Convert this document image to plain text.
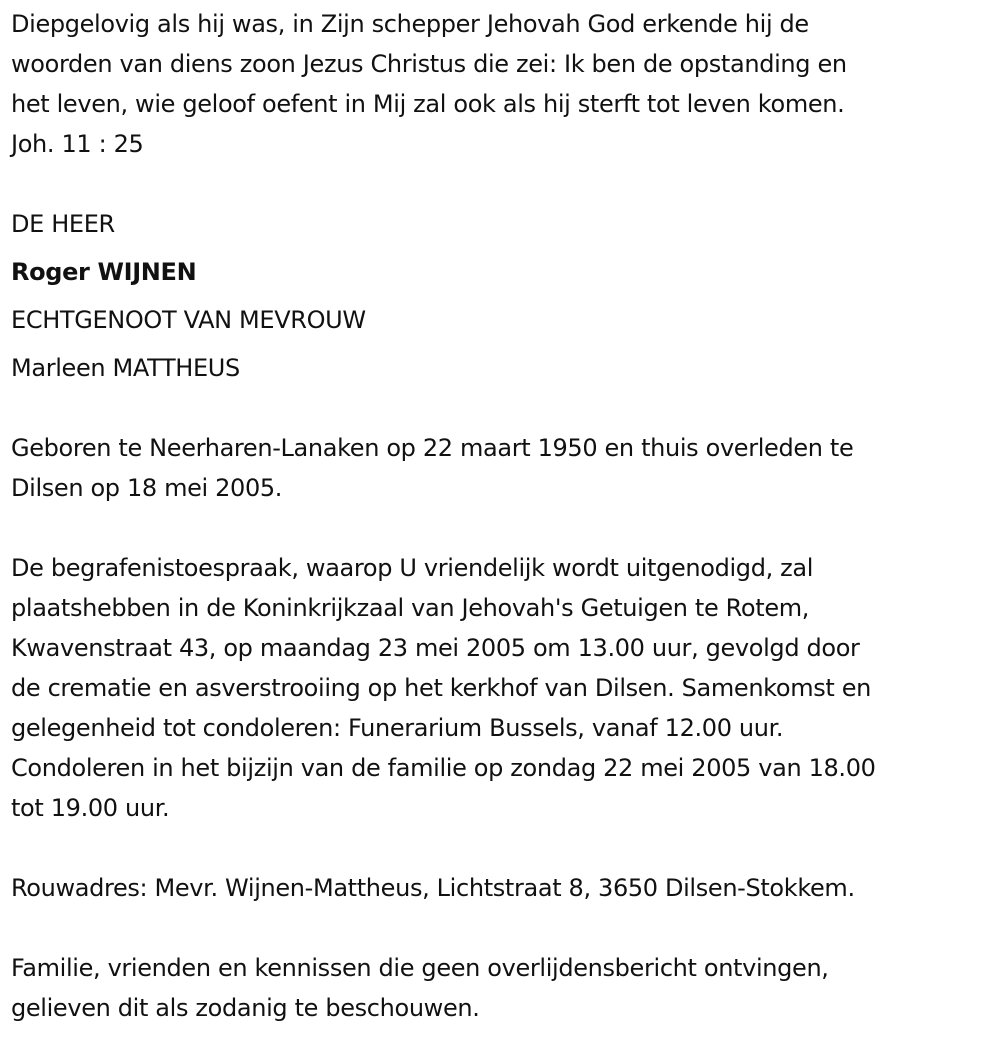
Diepgelovig als hij was, in Zijn schepper Jehovah God erkende hij de
woorden van diens zoon Jezus Christus die zei: Ik ben de opstanding en
het leven, wie geloof oefent in Mij zal ook als hij sterft tot leven komen.
Joh. 11 : 25

DE HEER
Roger WIJNEN
ECHTGENOOT VAN MEVROUW
Marleen MATTHEUS

Geboren te Neerharen-Lanaken op 22 maart 1950 en thuis overleden te
Dilsen op 18 mei 2005.

De begrafenistoespraak, waarop U vriendelijk wordt uitgenodigd, zal
plaatshebben in de Koninkrijkzaal van Jehovah's Getuigen te Rotem,
Kwavenstraat 43, op maandag 23 mei 2005 om 13.00 uur, gevolgd door
de crematie en asverstrooiing op het kerkhof van Dilsen. Samenkomst en
gelegenheid tot condoleren: Funerarium Bussels, vanaf 12.00 uur.
Condoleren in het bijzijn van de familie op zondag 22 mei 2005 van 18.00
tot 19.00 uur.

Rouwadres: Mevr. Wijnen-Mattheus, Lichtstraat 8, 3650 Dilsen-Stokkem.

Familie, vrienden en kennissen die geen overlijdensbericht ontvingen,
gelieven dit als zodanig te beschouwen.
